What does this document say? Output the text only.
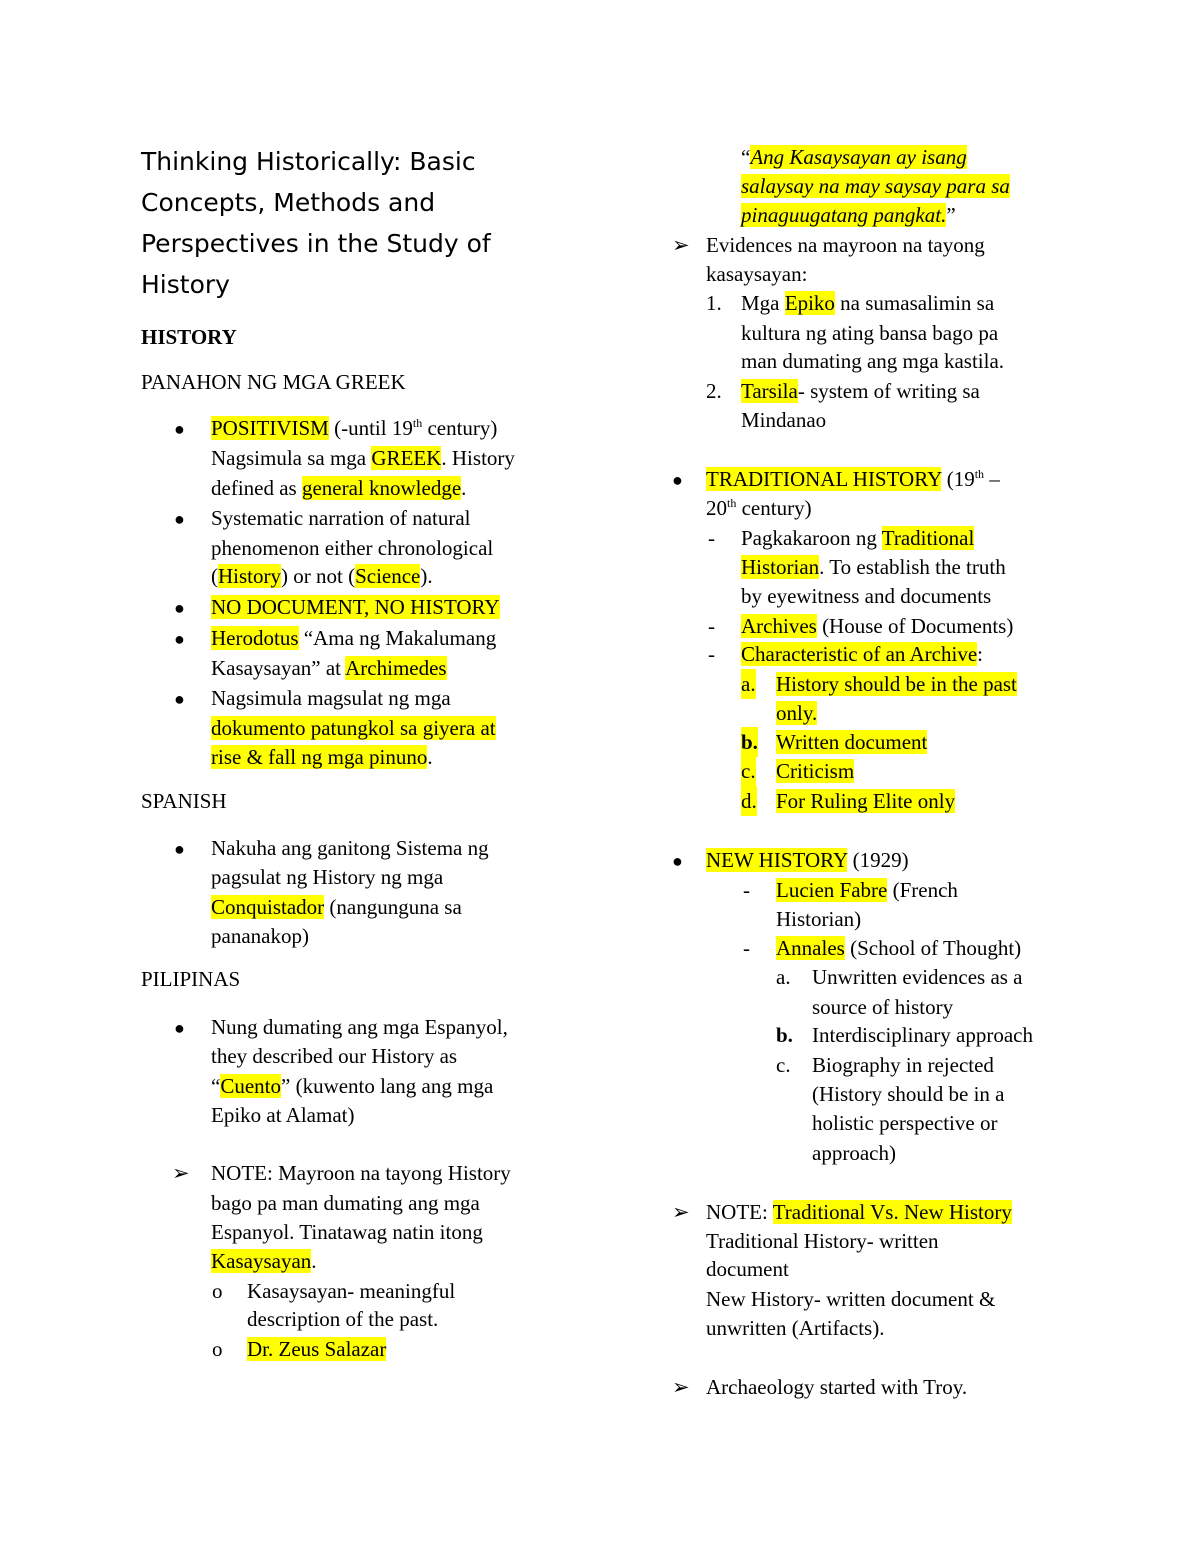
Thinking Historically: Basic
Concepts, Methods and
Perspectives in the Study of
History
HISTORY
PANAHON NG MGA GREEK
● POSITIVISM (-until 19th century)
Nagsimula sa mga GREEK. History
defined as general knowledge.
● Systematic narration of natural
phenomenon either chronological
(History) or not (Science).
● NO DOCUMENT, NO HISTORY
● Herodotus “Ama ng Makalumang
Kasaysayan” at Archimedes
● Nagsimula magsulat ng mga
dokumento patungkol sa giyera at
rise & fall ng mga pinuno.
SPANISH
● Nakuha ang ganitong Sistema ng
pagsulat ng History ng mga
Conquistador (nangunguna sa
pananakop)
PILIPINAS
● Nung dumating ang mga Espanyol,
they described our History as
“Cuento” (kuwento lang ang mga
Epiko at Alamat)
➢ NOTE: Mayroon na tayong History
bago pa man dumating ang mga
Espanyol. Tinatawag natin itong
Kasaysayan.
o Kasaysayan- meaningful
description of the past.
o Dr. Zeus Salazar
“Ang Kasaysayan ay isang
salaysay na may saysay para sa
pinaguugatang pangkat.”
➢ Evidences na mayroon na tayong
kasaysayan:
1. Mga Epiko na sumasalimin sa
kultura ng ating bansa bago pa
man dumating ang mga kastila.
2. Tarsila- system of writing sa
Mindanao
● TRADITIONAL HISTORY (19th –
20th century)
- Pagkakaroon ng Traditional
Historian. To establish the truth
by eyewitness and documents
- Archives (House of Documents)
- Characteristic of an Archive:
a. History should be in the past
only.
b. Written document
c. Criticism
d. For Ruling Elite only
● NEW HISTORY (1929)
- Lucien Fabre (French
Historian)
- Annales (School of Thought)
a. Unwritten evidences as a
source of history
b. Interdisciplinary approach
c. Biography in rejected
(History should be in a
holistic perspective or
approach)
➢ NOTE: Traditional Vs. New History
Traditional History- written
document
New History- written document &
unwritten (Artifacts).
➢ Archaeology started with Troy.
